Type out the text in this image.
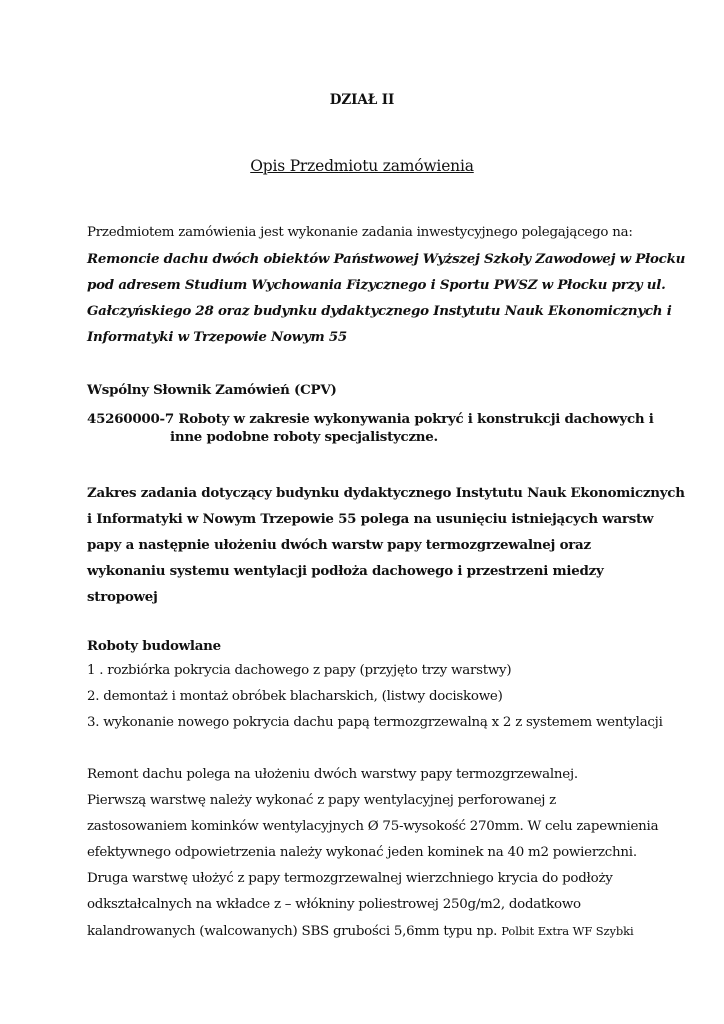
DZIAŁ II
Opis Przedmiotu zamówienia
Przedmiotem zamówienia jest wykonanie zadania inwestycyjnego polegającego na:
Remoncie dachu dwóch obiektów Państwowej Wyższej Szkoły Zawodowej w Płocku
pod adresem Studium Wychowania Fizycznego i Sportu PWSZ w Płocku przy ul.
Gałczyńskiego 28 oraz budynku dydaktycznego Instytutu Nauk Ekonomicznych i
Informatyki w Trzepowie Nowym 55
Wspólny Słownik Zamówień (CPV)
45260000-7 Roboty w zakresie wykonywania pokryć i konstrukcji dachowych i
inne podobne roboty specjalistyczne.
Zakres zadania dotyczący budynku dydaktycznego Instytutu Nauk Ekonomicznych
i Informatyki w Nowym Trzepowie 55 polega na usunięciu istniejących warstw
papy a następnie ułożeniu dwóch warstw papy termozgrzewalnej oraz
wykonaniu systemu wentylacji podłoża dachowego i przestrzeni miedzy
stropowej
Roboty budowlane
1 . rozbiórka pokrycia dachowego z papy (przyjęto trzy warstwy)
2. demontaż i montaż obróbek blacharskich, (listwy dociskowe)
3. wykonanie nowego pokrycia dachu papą termozgrzewalną x 2 z systemem wentylacji
Remont dachu polega na ułożeniu dwóch warstwy papy termozgrzewalnej.
Pierwszą warstwę należy wykonać z papy wentylacyjnej perforowanej z
zastosowaniem kominków wentylacyjnych Ø 75-wysokość 270mm. W celu zapewnienia
efektywnego odpowietrzenia należy wykonać jeden kominek na 40 m2 powierzchni.
Druga warstwę ułożyć z papy termozgrzewalnej wierzchniego krycia do podłoży
odkształcalnych na wkładce z – włókniny poliestrowej 250g/m2, dodatkowo
kalandrowanych (walcowanych) SBS grubości 5,6mm typu np. Polbit Extra WF Szybki
